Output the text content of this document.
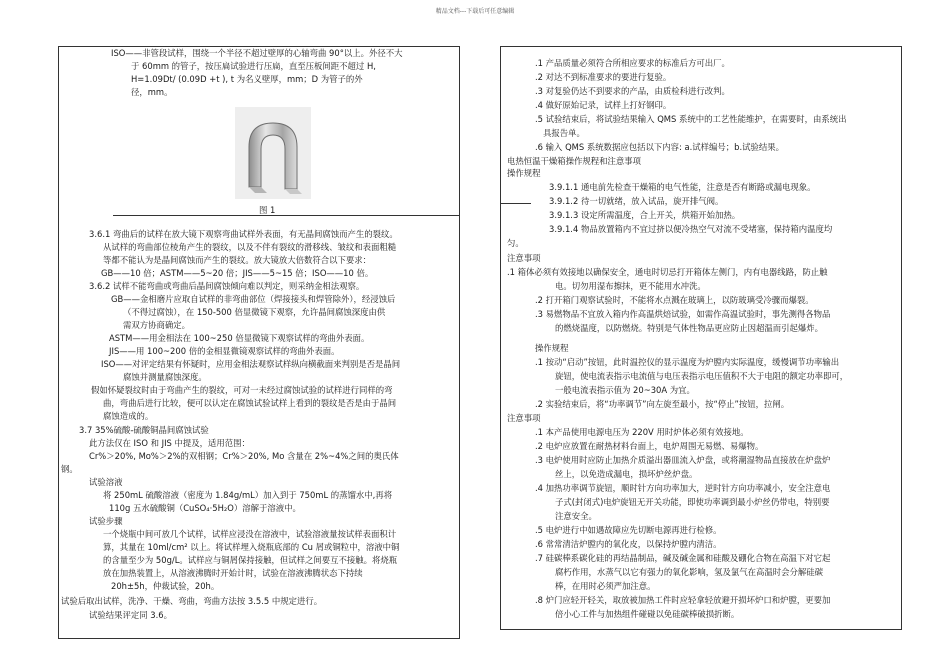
精品文档---下载后可任意编辑
ISO——非管段试样，围绕一个半径不超过壁厚的心轴弯曲 90°以上。外径不大
于 60mm 的管子，按压扁试验进行压扁，直至压板间距不超过 H,
H=1.09Dt/ (0.09D +t ), t 为名义壁厚，mm；D 为管子的外
径，mm。
图 1
3.6.1 弯曲后的试样在放大镜下观察弯曲试样外表面，有无晶间腐蚀而产生的裂纹。
从试样的弯曲部位棱角产生的裂纹，以及不伴有裂纹的滑移线、皱纹和表面粗糙
等都不能认为是晶间腐蚀而产生的裂纹。放大镜放大倍数符合以下要求：
GB——10 倍；ASTM——5~20 倍；JIS——5~15 倍；ISO——10 倍。
3.6.2 试样不能弯曲或弯曲后晶间腐蚀倾向难以判定，则采纳金相法观察。
GB——金相磨片应取自试样的非弯曲部位（焊接接头和焊管除外），经浸蚀后
（不得过腐蚀），在 150-500 倍显微镜下观察，允许晶间腐蚀深度由供
需双方协商确定。
ASTM——用金相法在 100~250 倍显微镜下观察试样的弯曲外表面。
JIS——用 100~200 倍的金相显微镜观察试样的弯曲外表面。
ISO——对评定结果有怀疑时，应用金相法观察试样纵向横截面来判别是否是晶间
腐蚀并测量腐蚀深度。
假如怀疑裂纹时由于弯曲产生的裂纹，可对一未经过腐蚀试验的试样进行同样的弯
曲，弯曲后进行比较，便可以认定在腐蚀试验试样上看到的裂纹是否是由于晶间
腐蚀造成的。
3.7 35%硫酸-硫酸铜晶间腐蚀试验
此方法仅在 ISO 和 JIS 中提及，适用范围：
Cr%＞20%, Mo%＞2%的双相钢；Cr%＞20%, Mo 含量在 2%~4%之间的奥氏体
钢。
试验溶液
将 250mL 硫酸溶液（密度为 1.84g/mL）加入到于 750mL 的蒸馏水中,再将
110g 五水硫酸铜（CuSO₄·5H₂O）溶解于溶液中。
试验步骤
一个烧瓶中间可放几个试样，试样应浸没在溶液中，试验溶液量按试样表面积计
算，其量在 10ml/cm² 以上。将试样埋入烧瓶底部的 Cu 屑或铜粒中，溶液中铜
的含量至少为 50g/L。试样应与铜屑保持接触，但试样之间要互不接触。将烧瓶
放在加热装置上，从溶液沸腾时开始计时，试验在溶液沸腾状态下持续
20h±5h，仲裁试验，20h。
试验后取出试样，洗净、干燥、弯曲，弯曲方法按 3.5.5 中规定进行。
试验结果评定同 3.6。
.1 产品质量必须符合所相应要求的标准后方可出厂。
.2 对达不到标准要求的要进行复验。
.3 对复验仍达不到要求的产品，由质检科进行改判。
.4 做好原始记录，试样上打好钢印。
.5 试验结束后，将试验结果输入 QMS 系统中的工艺性能维护，在需要时，由系统出
具报告单。
.6 输入 QMS 系统数据应包括以下内容: a.试样编号；b.试验结果。
电热恒温干燥箱操作规程和注意事项
操作规程
3.9.1.1 通电前先检查干燥箱的电气性能，注意是否有断路或漏电现象。
3.9.1.2 待一切就绪，放入试品，旋开排气阀。
3.9.1.3 设定所需温度，合上开关，烘箱开始加热。
3.9.1.4 物品放置箱内不宜过挤以便冷热空气对流不受堵塞，保持箱内温度均
匀。
注意事项
.1 箱体必须有效接地以确保安全，通电时切忌打开箱体左侧门，内有电器线路，防止触
电。切勿用湿布擦抹，更不能用水冲洗。
.2 打开箱门观察试验时，不能将水点溅在玻璃上，以防玻璃受冷骤而爆裂。
.3 易燃物品不宜放入箱内作高温烘焙试验，如需作高温试验时，事先测得各物品
的燃烧温度，以防燃烧。特别是气体性物品更应防止因超温而引起爆炸。
操作规程
.1 按动“启动”按钮，此时温控仪的显示温度为炉膛内实际温度，缓慢调节功率输出
旋钮，使电流表指示电流值与电压表指示电压值积不大于电阻的额定功率即可，
一般电流表指示值为 20~30A 为宜。
.2 实验结束后，将“功率调节”向左旋至最小，按“停止”按钮，拉闸。
注意事项
.1 本产品使用电源电压为 220V 用时炉体必须有效接地。
.2 电炉应放置在耐热材料台面上，电炉周围无易燃、易爆物。
.3 电炉使用时应防止加热介质溢出器皿流入炉盘，或将潮湿物品直接放在炉盘炉
丝上，以免造成漏电，损坏炉丝炉盘。
.4 加热功率调节旋钮，顺时针方向功率加大，逆时针方向功率减小，安全注意电
子式(封闭式)电炉旋钮无开关功能，即使功率调到最小炉丝仍带电，特别要
注意安全。
.5 电炉进行中如遇故障应先切断电源再进行检修。
.6 常常清洁炉膛内的氧化皮，以保持炉膛内清洁。
.7 硅碳棒系碳化硅的再结晶制品，碱及碱金属和硅酸及硼化合物在高温下对它起
腐朽作用，水蒸气以它有强力的氧化影响，氢及氯气在高温时会分解硅碳
棒，在用时必须严加注意。
.8 炉门应轻开轻关，取放被加热工件时应轻拿轻放避开损坏炉口和炉膛，更要加
倍小心工件与加热组件碰碰以免硅碳棒破损折断。
